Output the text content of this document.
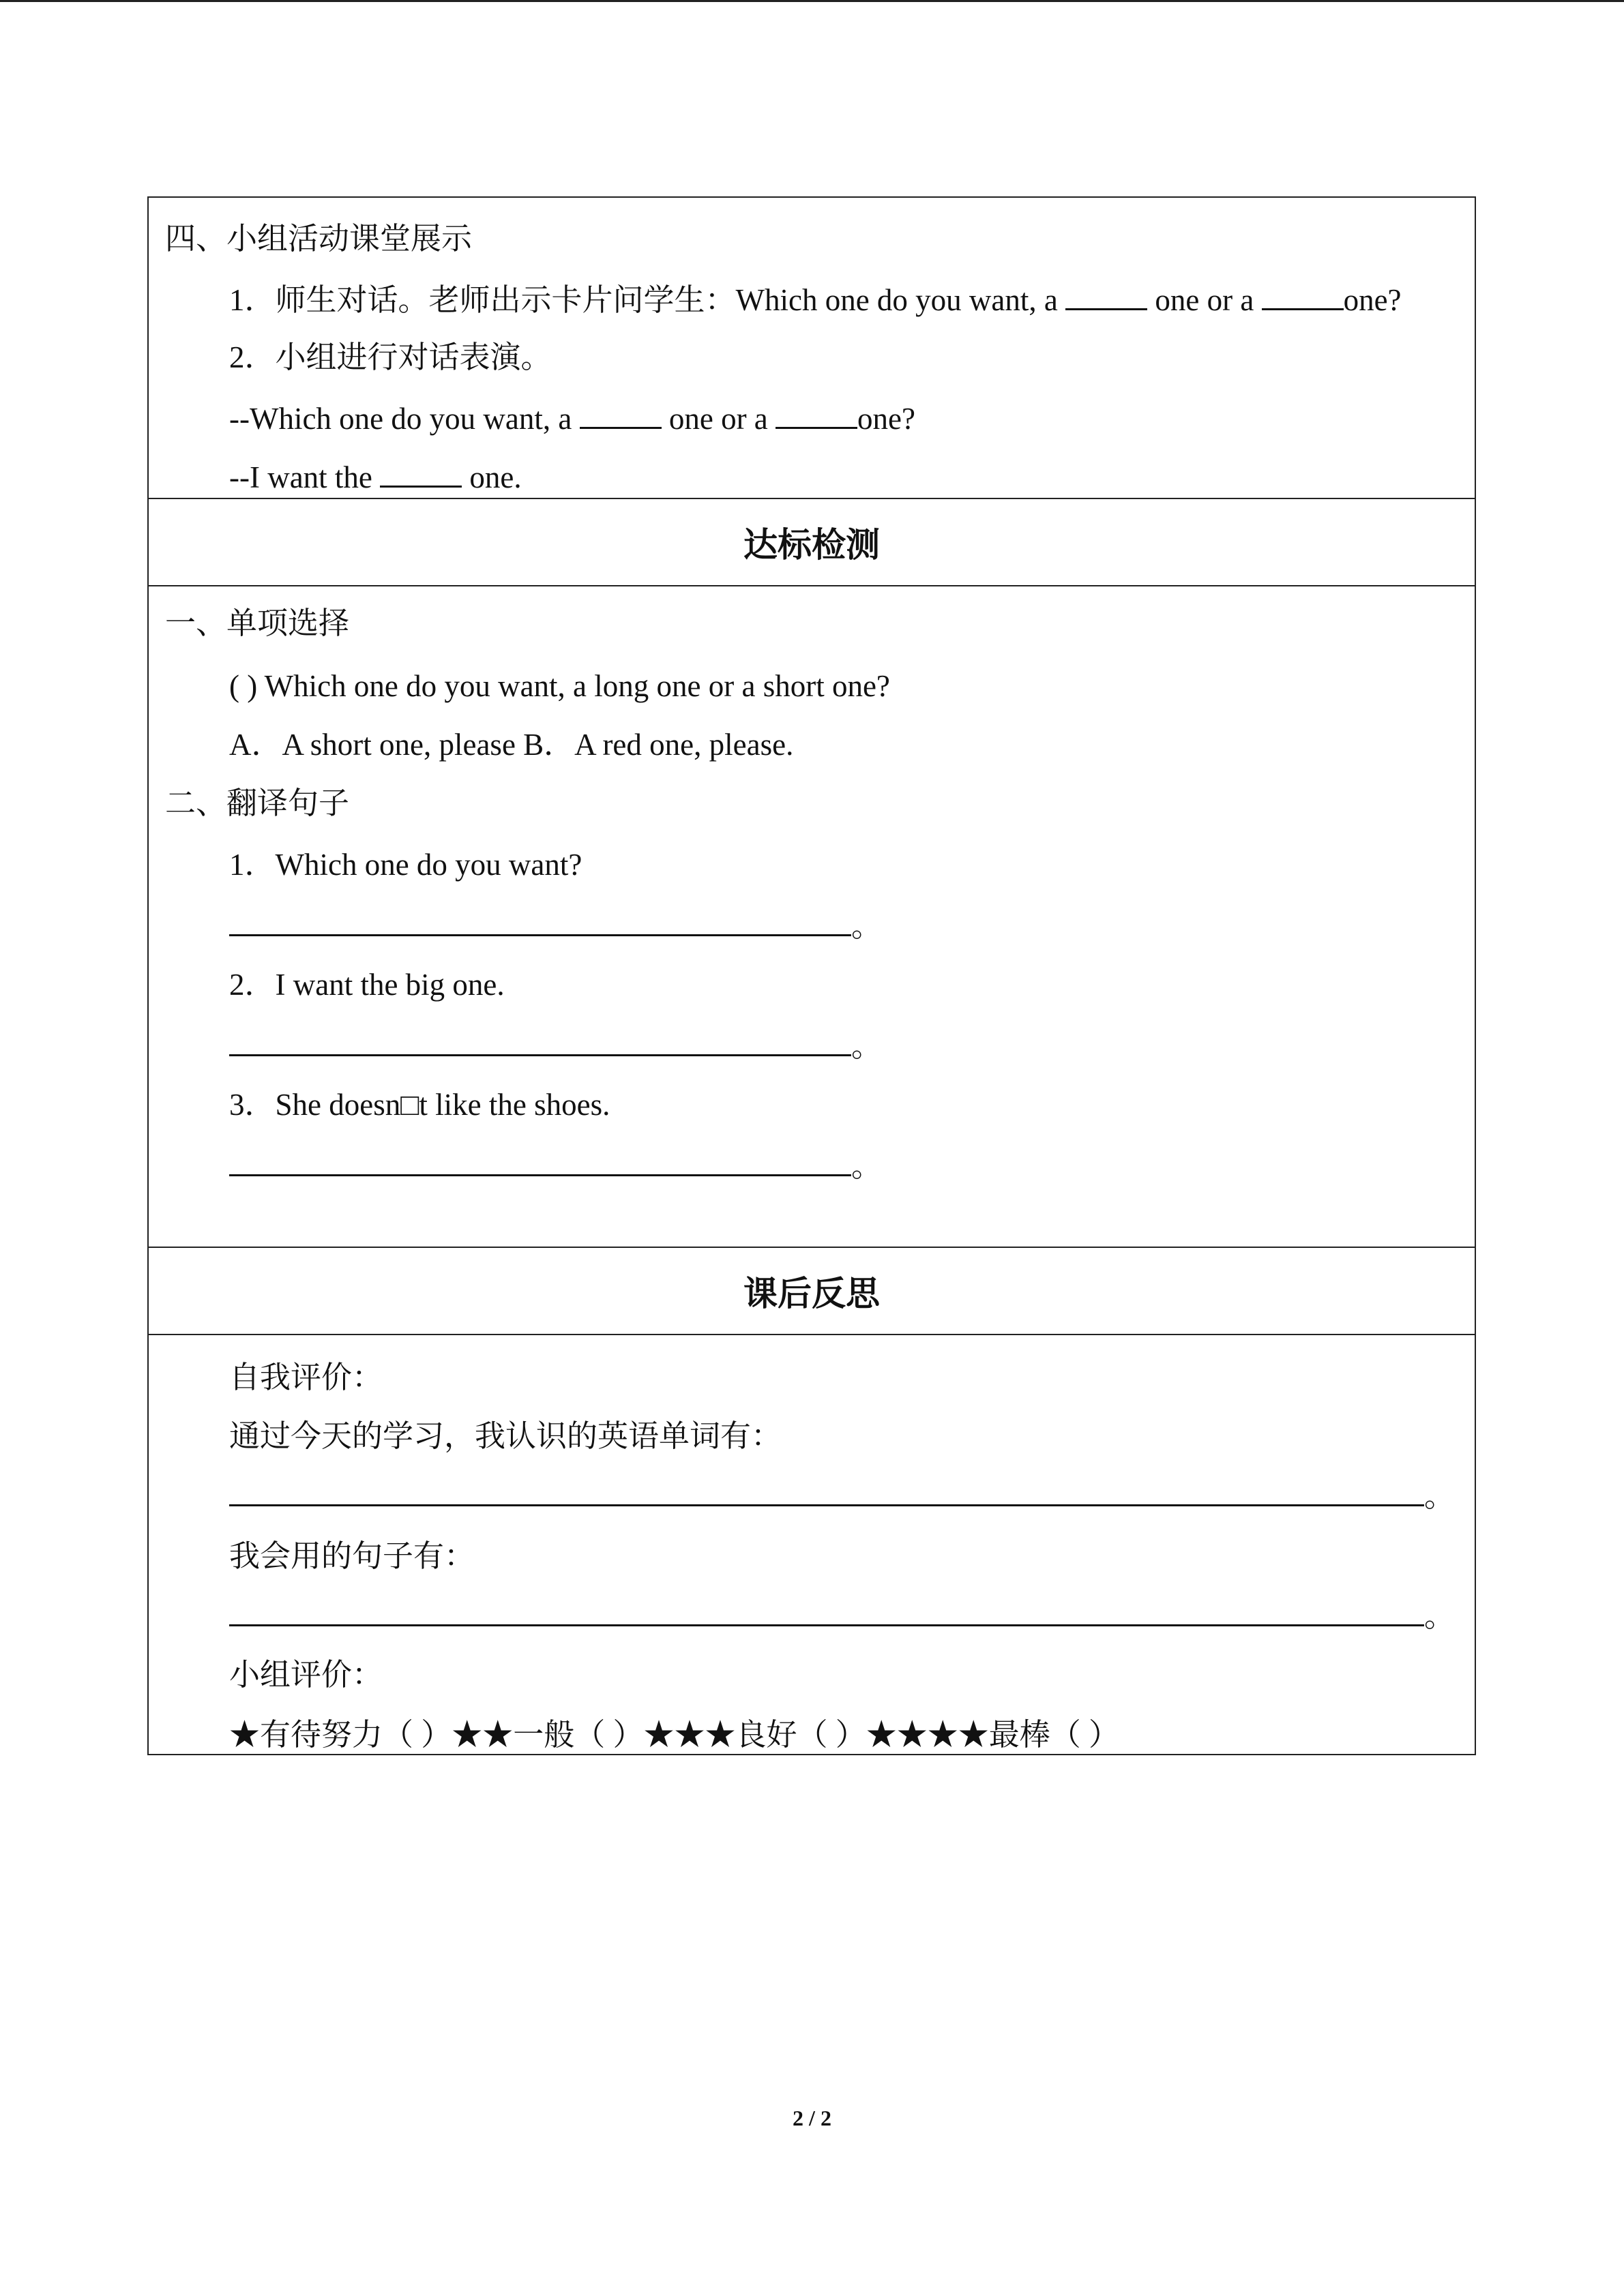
四、小组活动课堂展示
1．师生对话。老师出示卡片问学生：Which one do you want, a	one or a	one?
2．小组进行对话表演。
--Which one do you want, a	one or a	one?
--I want the	one.
达标检测
一、单项选择
( ) Which one do you want, a long one or a short one?
A．A short one, please B．A red one, please.
二、翻译句子
1．Which one do you want?
。
2．I want the big one.
。
3．She doesn□t like the shoes.
。
课后反思
自我评价：
通过今天的学习，我认识的英语单词有：
。
我会用的句子有：
。
小组评价：
★有待努力（ ）★★一般（ ）★★★良好（ ）★★★★最棒（ ）
2 / 2
